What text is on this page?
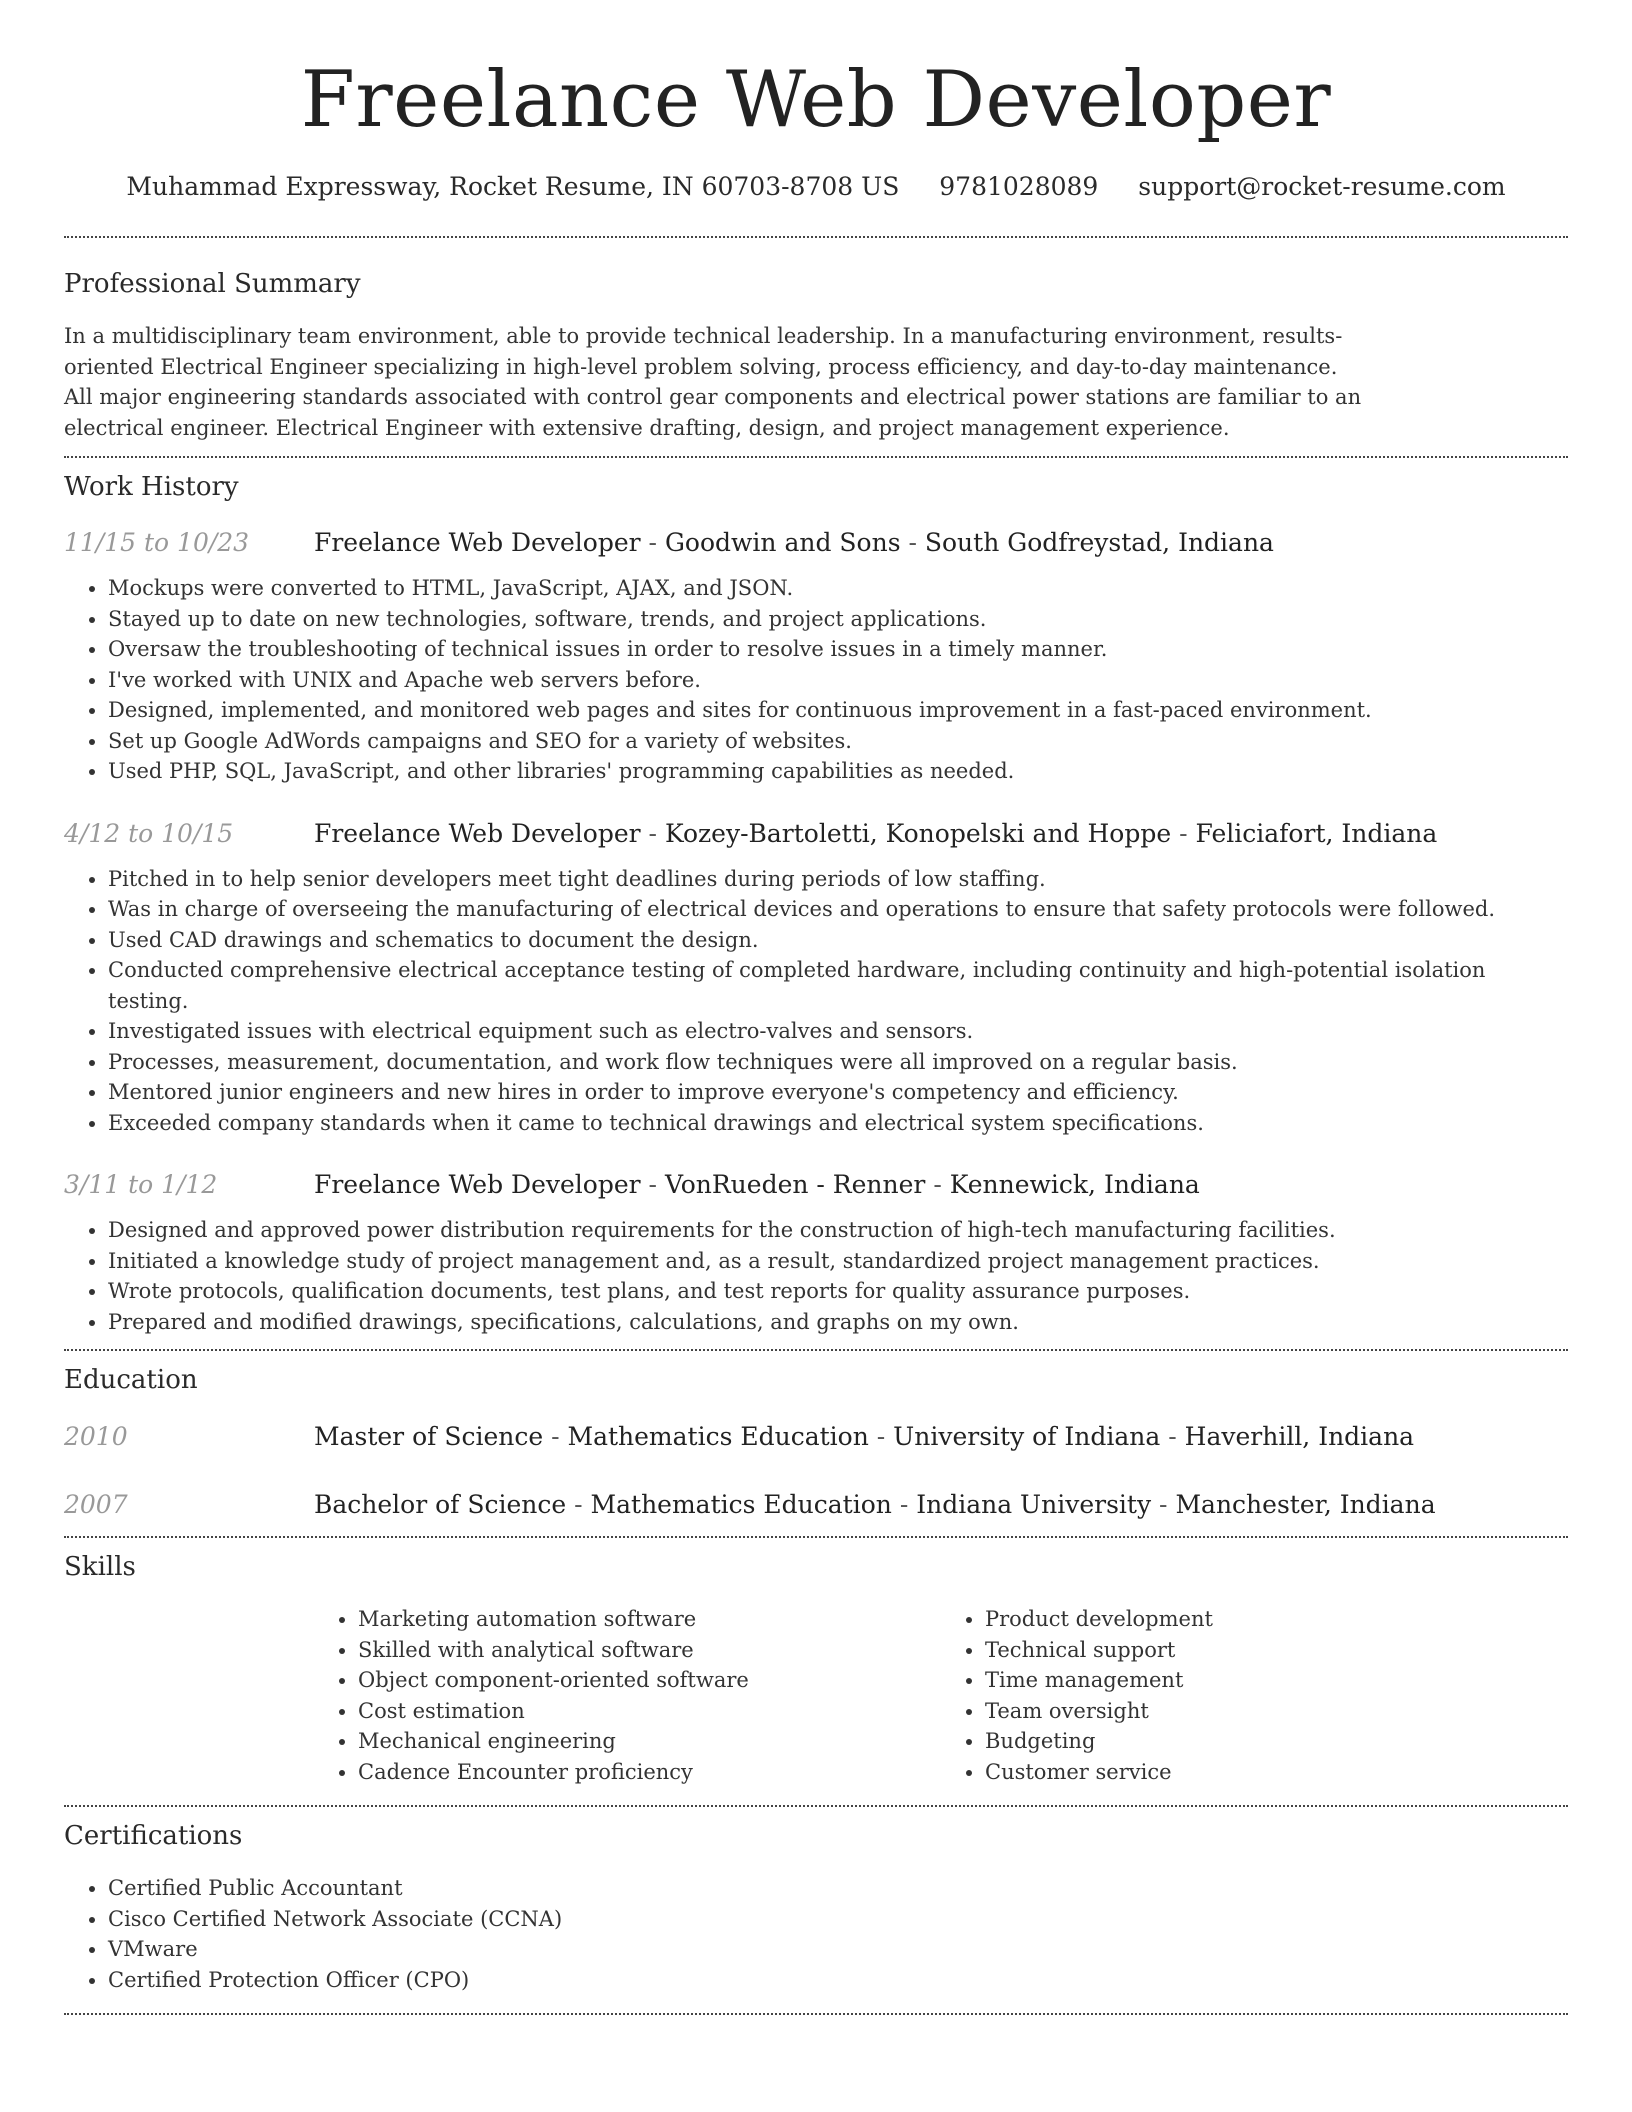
Freelance Web Developer
Muhammad Expressway, Rocket Resume, IN 60703-8708 US 9781028089 support@rocket-resume.com
Professional Summary

In a multidisciplinary team environment, able to provide technical leadership. In a manufacturing environment, results-oriented Electrical Engineer specializing in high-level problem solving, process efficiency, and day-to-day maintenance. All major engineering standards associated with control gear components and electrical power stations are familiar to an electrical engineer. Electrical Engineer with extensive drafting, design, and project management experience.

Work History
11/15 to 10/23	Freelance Web Developer - Goodwin and Sons - South Godfreystad, Indiana
• Mockups were converted to HTML, JavaScript, AJAX, and JSON.
• Stayed up to date on new technologies, software, trends, and project applications.
• Oversaw the troubleshooting of technical issues in order to resolve issues in a timely manner.
• I've worked with UNIX and Apache web servers before.
• Designed, implemented, and monitored web pages and sites for continuous improvement in a fast-paced environment.
• Set up Google AdWords campaigns and SEO for a variety of websites.
• Used PHP, SQL, JavaScript, and other libraries' programming capabilities as needed.
4/12 to 10/15	Freelance Web Developer - Kozey-Bartoletti, Konopelski and Hoppe - Feliciafort, Indiana
• Pitched in to help senior developers meet tight deadlines during periods of low staffing.
• Was in charge of overseeing the manufacturing of electrical devices and operations to ensure that safety protocols were followed.
• Used CAD drawings and schematics to document the design.
• Conducted comprehensive electrical acceptance testing of completed hardware, including continuity and high-potential isolation testing.
• Investigated issues with electrical equipment such as electro-valves and sensors.
• Processes, measurement, documentation, and work flow techniques were all improved on a regular basis.
• Mentored junior engineers and new hires in order to improve everyone's competency and efficiency.
• Exceeded company standards when it came to technical drawings and electrical system specifications.
3/11 to 1/12	Freelance Web Developer - VonRueden - Renner - Kennewick, Indiana
• Designed and approved power distribution requirements for the construction of high-tech manufacturing facilities.
• Initiated a knowledge study of project management and, as a result, standardized project management practices.
• Wrote protocols, qualification documents, test plans, and test reports for quality assurance purposes.
• Prepared and modified drawings, specifications, calculations, and graphs on my own.
Education
2010	Master of Science - Mathematics Education - University of Indiana - Haverhill, Indiana
2007	Bachelor of Science - Mathematics Education - Indiana University - Manchester, Indiana
Skills
• Marketing automation software
• Skilled with analytical software
• Object component-oriented software
• Cost estimation
• Mechanical engineering
• Cadence Encounter proficiency
• Product development
• Technical support
• Time management
• Team oversight
• Budgeting
• Customer service
Certifications
• Certified Public Accountant
• Cisco Certified Network Associate (CCNA)
• VMware
• Certified Protection Officer (CPO)
